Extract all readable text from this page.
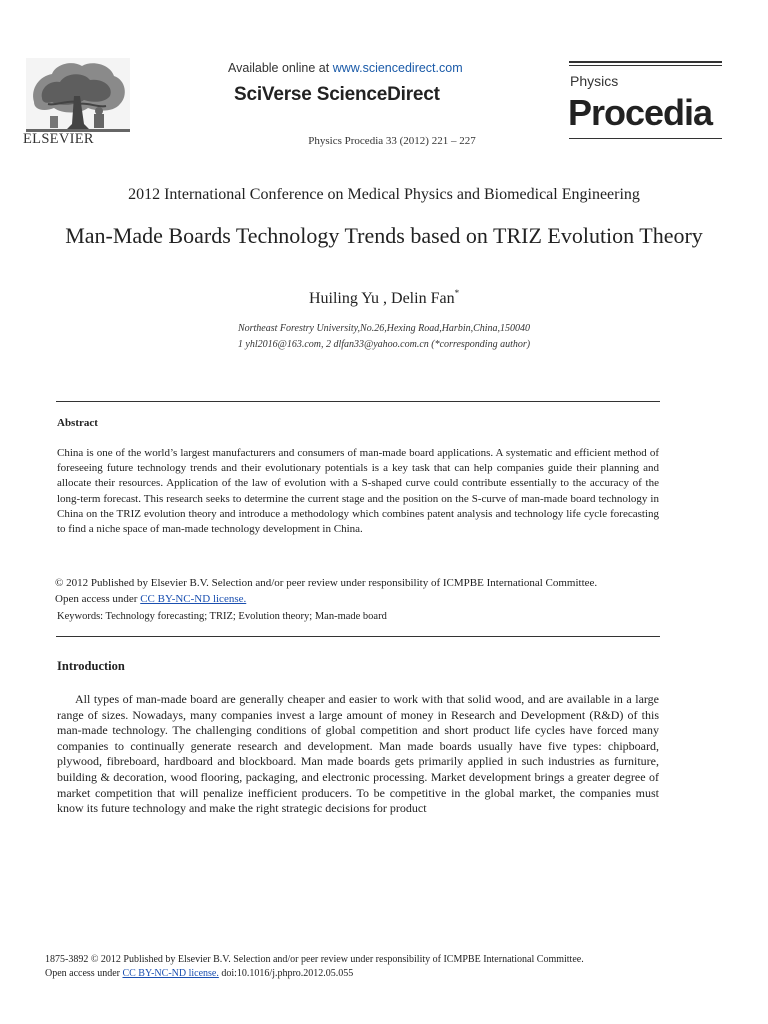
ELSEVIER
Available online at www.sciencedirect.com
SciVerse ScienceDirect
Physics Procedia 33 (2012) 221 – 227
Physics
Procedia
2012 International Conference on Medical Physics and Biomedical Engineering
Man-Made Boards Technology Trends based on TRIZ Evolution Theory
Huiling Yu , Delin Fan*
Northeast Forestry University,No.26,Hexing Road,Harbin,China,150040
1 yhl2016@163.com, 2 dlfan33@yahoo.com.cn (*corresponding author)
Abstract
China is one of the world’s largest manufacturers and consumers of man-made board applications. A systematic and efficient method of foreseeing future technology trends and their evolutionary potentials is a key task that can help companies guide their planning and allocate their resources. Application of the law of evolution with a S-shaped curve could contribute essentially to the accuracy of the long-term forecast. This research seeks to determine the current stage and the position on the S-curve of man-made board technology in China on the TRIZ evolution theory and introduce a methodology which combines patent analysis and technology life cycle forecasting to find a niche space of man-made technology development in China.
© 2012 Published by Elsevier B.V. Selection and/or peer review under responsibility of ICMPBE International Committee.
Open access under CC BY-NC-ND license.
Keywords: Technology forecasting; TRIZ; Evolution theory; Man-made board
Introduction
All types of man-made board are generally cheaper and easier to work with that solid wood, and are available in a large range of sizes. Nowadays, many companies invest a large amount of money in Research and Development (R&D) of this man-made technology. The challenging conditions of global competition and short product life cycles have forced many companies to continually generate research and development. Man made boards usually have five types: chipboard, plywood, fibreboard, hardboard and blockboard. Man made boards gets primarily applied in such industries as furniture, building & decoration, wood flooring, packaging, and electronic processing. Market development brings a greater degree of market competition that will penalize inefficient producers. To be competitive in the global market, the companies must know its future technology and make the right strategic decisions for product
1875-3892 © 2012 Published by Elsevier B.V. Selection and/or peer review under responsibility of ICMPBE International Committee.
Open access under CC BY-NC-ND license. doi:10.1016/j.phpro.2012.05.055
